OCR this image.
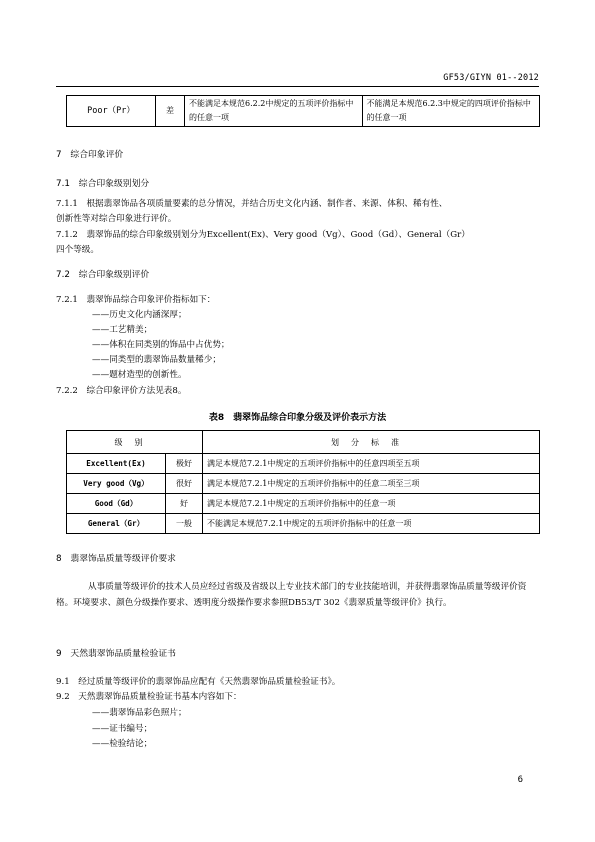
GF53/GIYN 01--2012
Poor（Pr）	差	不能满足本规范6.2.2中规定的五项评价指标中的任意一项	不能满足本规范6.2.3中规定的四项评价指标中的任意一项
7　综合印象评价
7.1　综合印象级别划分
7.1.1　根据翡翠饰品各项质量要素的总分情况，并结合历史文化内涵、制作者、来源、体积、稀有性、
创新性等对综合印象进行评价。
7.1.2　翡翠饰品的综合印象级别划分为Excellent(Ex)、Very good（Vg）、Good（Gd）、General（Gr）
四个等级。
7.2　综合印象级别评价
7.2.1　翡翠饰品综合印象评价指标如下：
——历史文化内涵深厚；
——工艺精美；
——体积在同类别的饰品中占优势；
——同类型的翡翠饰品数量稀少；
——题材造型的创新性。
7.2.2　综合印象评价方法见表8。
表8　翡翠饰品综合印象分级及评价表示方法
级别		划分标准
Excellent(Ex)	极好	满足本规范7.2.1中规定的五项评价指标中的任意四项至五项
Very good（Vg）	很好	满足本规范7.2.1中规定的五项评价指标中的任意二项至三项
Good（Gd）	好	满足本规范7.2.1中规定的五项评价指标中的任意一项
General（Gr）	一般	不能满足本规范7.2.1中规定的五项评价指标中的任意一项
8　翡翠饰品质量等级评价要求
从事质量等级评价的技术人员应经过省级及省级以上专业技术部门的专业技能培训，并获得翡翠饰品质量等级评价资格。环境要求、颜色分级操作要求、透明度分级操作要求参照DB53/T 302《翡翠质量等级评价》执行。
9　天然翡翠饰品质量检验证书
9.1　经过质量等级评价的翡翠饰品应配有《天然翡翠饰品质量检验证书》。
9.2　天然翡翠饰品质量检验证书基本内容如下：
——翡翠饰品彩色照片；
——证书编号；
——检验结论；
6
